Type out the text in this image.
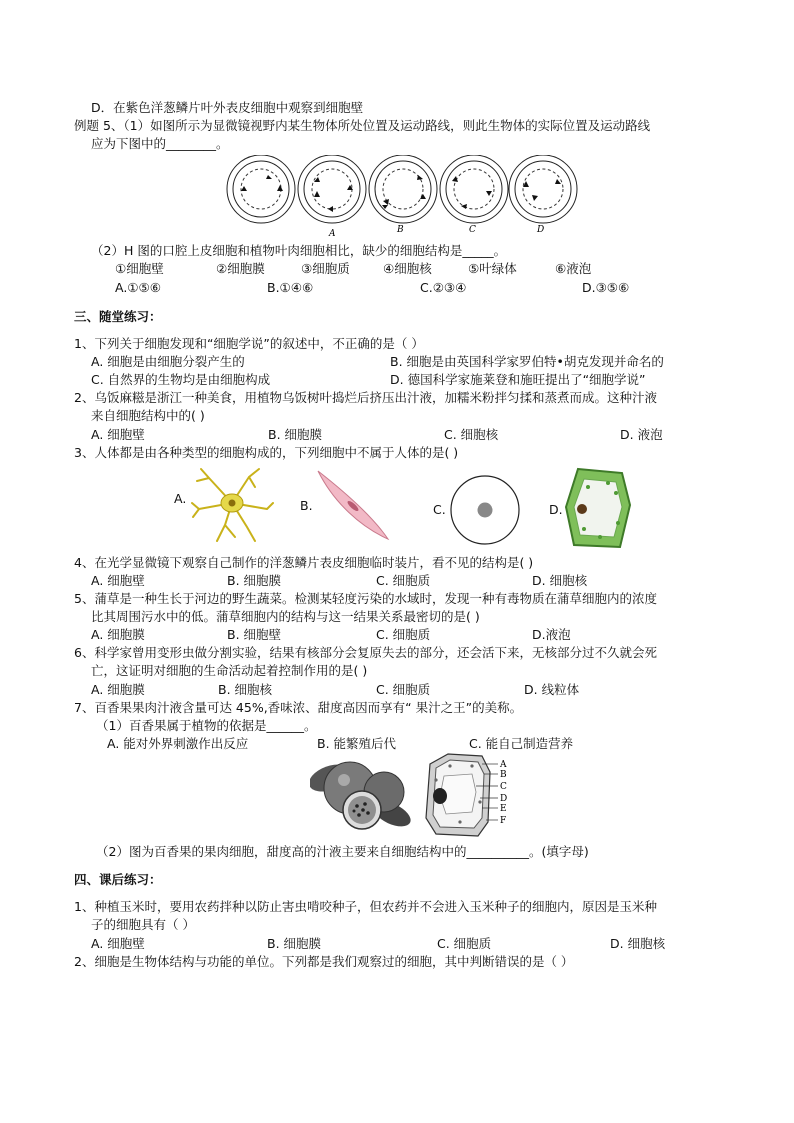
D．在紫色洋葱鳞片叶外表皮细胞中观察到细胞壁
例题 5、（1）如图所示为显微镜视野内某生物体所处位置及运动路线，则此生物体的实际位置及运动路线
应为下图中的________。
A	B	C	D
（2）H 图的口腔上皮细胞和植物叶肉细胞相比，缺少的细胞结构是_____。
①细胞壁	②细胞膜	③细胞质	④细胞核	⑤叶绿体	⑥液泡
A.①⑤⑥	B.①④⑥	C.②③④	D.③⑤⑥
三、随堂练习：
1、下列关于细胞发现和“细胞学说”的叙述中，不正确的是（ ）
A. 细胞是由细胞分裂产生的	B. 细胞是由英国科学家罗伯特•胡克发现并命名的
C. 自然界的生物均是由细胞构成	D. 德国科学家施莱登和施旺提出了“细胞学说”
2、乌饭麻糍是浙江一种美食，用植物乌饭树叶捣烂后挤压出汁液，加糯米粉拌匀揉和蒸煮而成。这种汁液
来自细胞结构中的( )
A. 细胞壁	B. 细胞膜	C. 细胞核	D. 液泡
3、人体都是由各种类型的细胞构成的，下列细胞中不属于人体的是( )
A.	B.	C.	D.
4、在光学显微镜下观察自己制作的洋葱鳞片表皮细胞临时装片，看不见的结构是( )
A. 细胞壁	B. 细胞膜	C. 细胞质	D. 细胞核
5、蒲草是一种生长于河边的野生蔬菜。检测某轻度污染的水域时，发现一种有毒物质在蒲草细胞内的浓度
比其周围污水中的低。蒲草细胞内的结构与这一结果关系最密切的是( )
A. 细胞膜	B. 细胞壁	C. 细胞质	D.液泡
6、科学家曾用变形虫做分割实验，结果有核部分会复原失去的部分，还会活下来，无核部分过不久就会死
亡，这证明对细胞的生命活动起着控制作用的是( )
A. 细胞膜	B. 细胞核	C. 细胞质	D. 线粒体
7、百香果果肉汁液含量可达 45%,香味浓、甜度高因而享有“ 果汁之王”的美称。
（1）百香果属于植物的依据是______。
A. 能对外界刺激作出反应	B. 能繁殖后代	C. 能自己制造营养
A
B
C
D
E
F
（2）图为百香果的果肉细胞，甜度高的汁液主要来自细胞结构中的__________。(填字母)
四、课后练习：
1、种植玉米时，要用农药拌种以防止害虫啃咬种子，但农药并不会进入玉米种子的细胞内，原因是玉米种
子的细胞具有（ ）
A. 细胞壁	B. 细胞膜	C. 细胞质	D. 细胞核
2、细胞是生物体结构与功能的单位。下列都是我们观察过的细胞，其中判断错误的是（ ）
